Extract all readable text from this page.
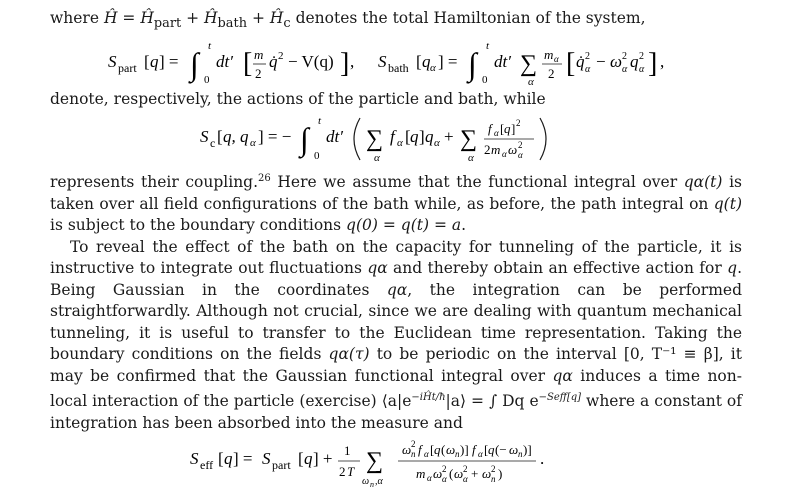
where Ĥ = $Ĥ_{part}$ + $Ĥ_{bath}$ + $Ĥ_c$ denotes the total Hamiltonian of the system,

S part [ q ] = ∫ 0
t
dt′ [ m
2
q̇ 2 − V(q) ] , S bath [ q α ] = ∫ 0
t
dt′ ∑
α
m α
2 [ q̇ 2
α − ω 2
α q 2
α ] ,

denote, respectively, the actions of the particle and bath, while

S c [ q, q α ] = − ∫ 0
t
dt′ ∑
α
f α [ q ] q α + ∑
α
f α [ q ] 2
2 m α ω 2
α

represents their coupling.$^{26}$ Here we assume that the functional integral over qα(t) is taken over all field configurations of the bath while, as before, the path integral on q(t) is subject to the boundary conditions q(0) = q(t) = a.

To reveal the effect of the bath on the capacity for tunneling of the particle, it is instructive to integrate out fluctuations qα and thereby obtain an effective action for q. Being Gaussian in the coordinates qα, the integration can be performed straightforwardly. Although not crucial, since we are dealing with quantum mechanical tunneling, it is useful to transfer to the Euclidean time representation. Taking the boundary conditions on the fields qα(τ) to be periodic on the interval [0, T⁻¹ ≡ β], it may be confirmed that the Gaussian functional integral over qα induces a time non-local interaction of the particle (exercise) $⟨a|e^{-iĤt/ħ}|a⟩$ = ∫ Dq $e^{-Seff[q]}$ where a constant of integration has been absorbed into the measure and

S eff [ q ] = S part [ q ] + 1
2 T ∑
ω n ,α
ω 2
n f α [ q ( ω n )] f α [ q (− ω n )]
m α ω 2
α ( ω 2
α + ω 2
n )
.
